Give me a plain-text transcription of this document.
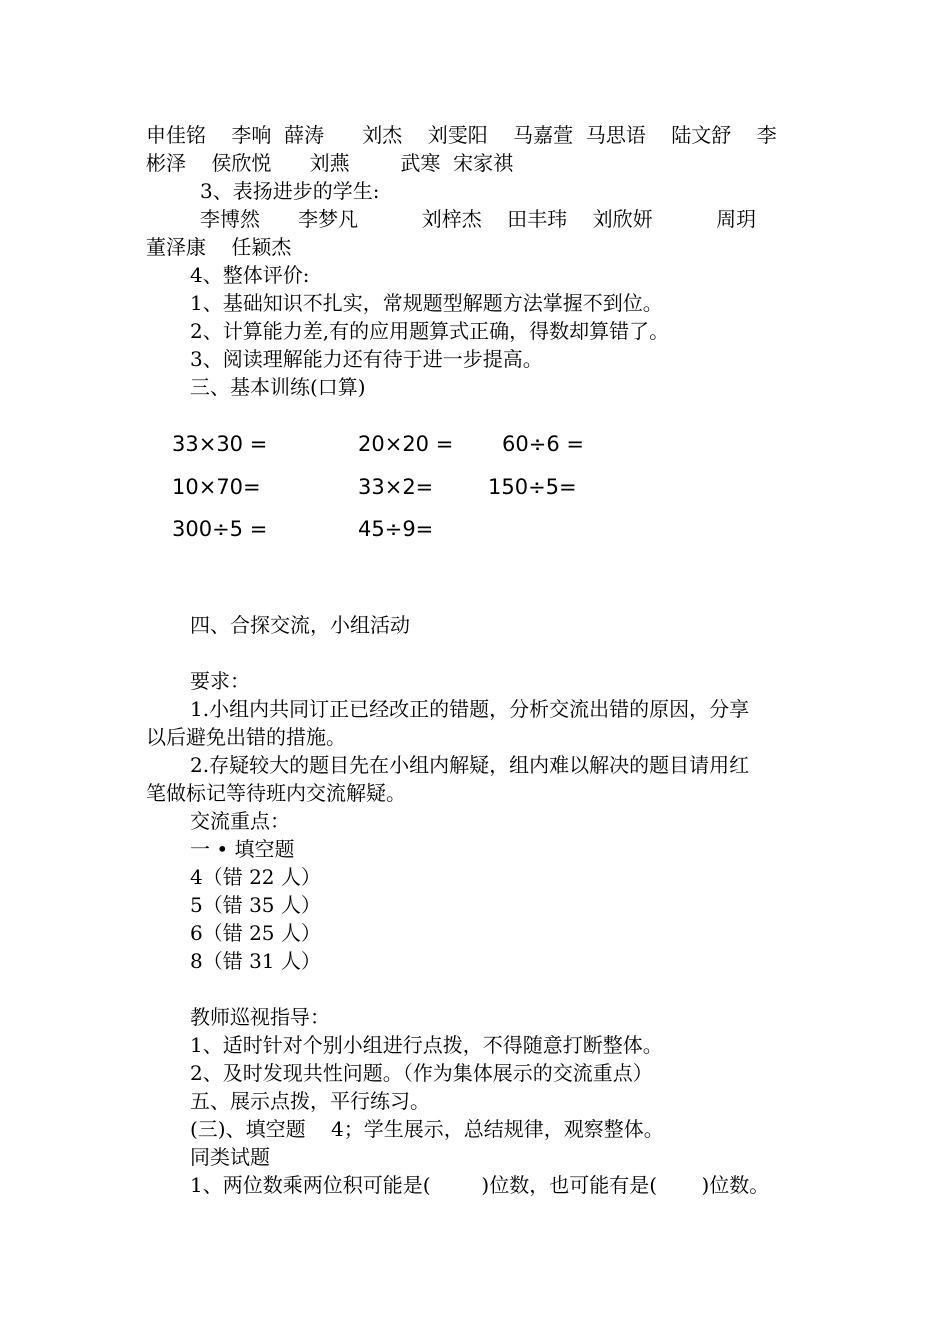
申佳铭    李响  薛涛      刘杰    刘雯阳    马嘉萱  马思语    陆文舒    李
彬泽    侯欣悦      刘燕        武寒  宋家祺
3、表扬进步的学生:
李博然      李梦凡          刘梓杰    田丰玮    刘欣妍          周玥
董泽康    任颖杰
4、整体评价:
1、基础知识不扎实，常规题型解题方法掌握不到位。
2、计算能力差,有的应用题算式正确，得数却算错了。
3、阅读理解能力还有待于进一步提高。
三、基本训练(口算)
33×30 =	20×20 = 60÷6 =
10×70=	33×2=	150÷5=
300÷5 =	45÷9=
四、合探交流，小组活动
要求：
1.小组内共同订正已经改正的错题，分析交流出错的原因，分享
以后避免出错的措施。
2.存疑较大的题目先在小组内解疑，组内难以解决的题目请用红
笔做标记等待班内交流解疑。
交流重点：
一 • 填空题
4（错 22 人）
5（错 35 人）
6（错 25 人）
8（错 31 人）
教师巡视指导：
1、适时针对个别小组进行点拨，不得随意打断整体。
2、及时发现共性问题。（作为集体展示的交流重点）
五、展示点拨，平行练习。
(三)、填空题    4；学生展示，总结规律，观察整体。
同类试题
1、两位数乘两位积可能是(        )位数，也可能有是(       )位数。
